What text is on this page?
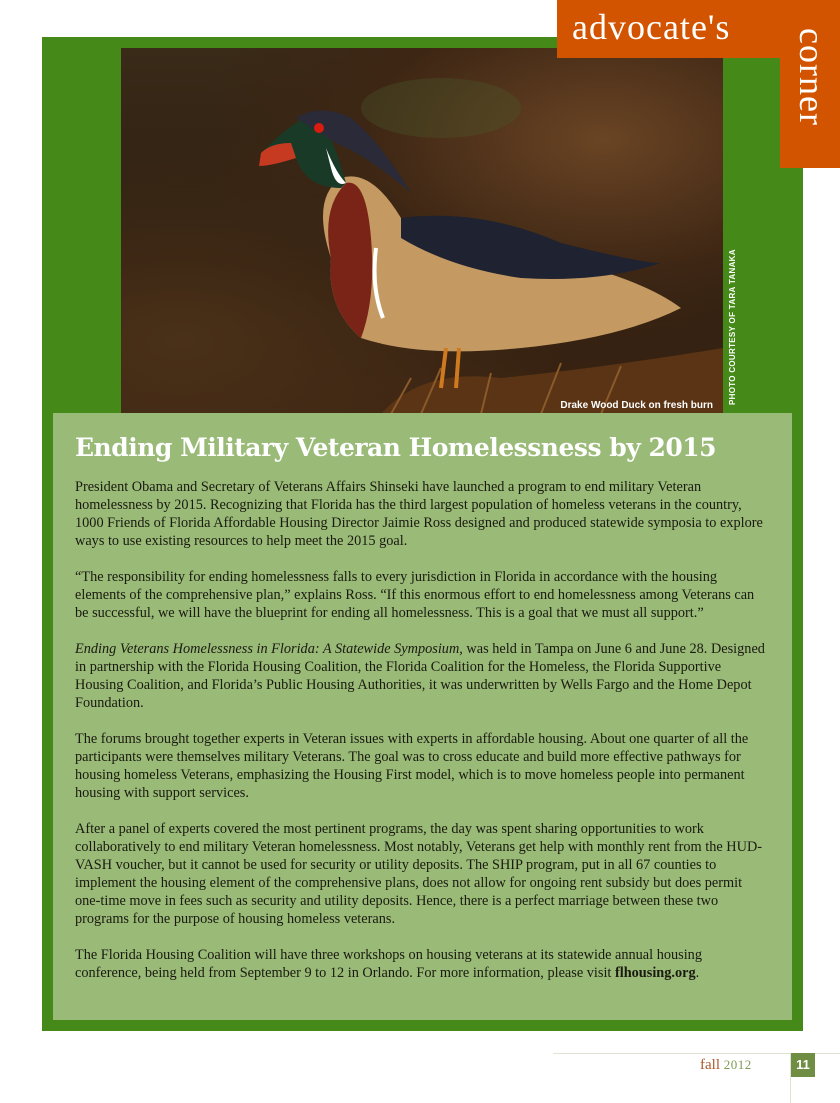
Drake Wood Duck on fresh burn
PHOTO COURTESY OF TARA TANAKA
advocate's
corner
Ending Military Veteran Homelessness by 2015

President Obama and Secretary of Veterans Affairs Shinseki have launched a program to end military Veteran homelessness by 2015. Recognizing that Florida has the third largest population of homeless veterans in the country, 1000 Friends of Florida Affordable Housing Director Jaimie Ross designed and produced statewide symposia to explore ways to use existing resources to help meet the 2015 goal.

“The responsibility for ending homelessness falls to every jurisdiction in Florida in accordance with the housing elements of the comprehensive plan,” explains Ross. “If this enormous effort to end homelessness among Veterans can be successful, we will have the blueprint for ending all homelessness. This is a goal that we must all support.”

Ending Veterans Homelessness in Florida: A Statewide Symposium, was held in Tampa on June 6 and June 28. Designed in partnership with the Florida Housing Coalition, the Florida Coalition for the Homeless, the Florida Supportive Housing Coalition, and Florida’s Public Housing Authorities, it was underwritten by Wells Fargo and the Home Depot Foundation.

The forums brought together experts in Veteran issues with experts in affordable housing. About one quarter of all the participants were themselves military Veterans. The goal was to cross educate and build more effective pathways for housing homeless Veterans, emphasizing the Housing First model, which is to move homeless people into permanent housing with support services.

After a panel of experts covered the most pertinent programs, the day was spent sharing opportunities to work collaboratively to end military Veteran homelessness. Most notably, Veterans get help with monthly rent from the HUD-VASH voucher, but it cannot be used for security or utility deposits. The SHIP program, put in all 67 counties to implement the housing element of the comprehensive plans, does not allow for ongoing rent subsidy but does permit one-time move in fees such as security and utility deposits. Hence, there is a perfect marriage between these two programs for the purpose of housing homeless veterans.

The Florida Housing Coalition will have three workshops on housing veterans at its statewide annual housing conference, being held from September 9 to 12 in Orlando. For more information, please visit flhousing.org.

fall 2012	11
